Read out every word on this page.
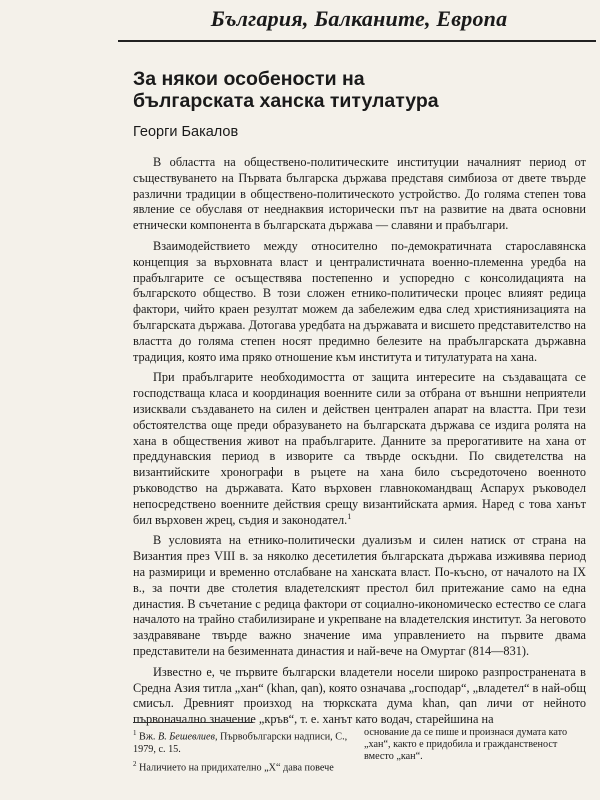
България, Балканите, Европа
За някои особености на
българската ханска титулатура
Георги Бакалов

В областта на обществено-политическите институции началният период от съществуването на Първата българска държава представя симбиоза от двете твърде различни традиции в обществено-политическото устройство. До голяма степен това явление се обуславя от нееднаквия исторически път на развитие на двата основни етнически компонента в българската държава — славяни и прабългари.

Взаимодействието между относително по-демократичната старославянска концепция за върховната власт и централистичната военно-племенна уредба на прабългарите се осъществява постепенно и успоредно с консолидацията на българското общество. В този сложен етнико-политически процес влияят редица фактори, чийто краен резултат можем да забележим едва след християнизацията на българската държава. Дотогава уредбата на държавата и висшето представителство на властта до голяма степен носят предимно белезите на прабългарската държавна традиция, която има пряко отношение към института и титулатурата на хана.

При прабългарите необходимостта от защита интересите на създаващата се господстваща класа и координация военните сили за отбрана от външни неприятели изисквали създаването на силен и действен централен апарат на властта. При тези обстоятелства още преди образуването на българската държава се издига ролята на хана в обществения живот на прабългарите. Данните за прерогативите на хана от преддунавския период в изворите са твърде оскъдни. По свидетелства на византийските хронографи в ръцете на хана било съсредоточено военното ръководство на държавата. Като върховен главнокомандващ Аспарух ръководел непосредствено военните действия срещу византийската армия. Наред с това ханът бил върховен жрец, съдия и законодател.$^1$

В условията на етнико-политически дуализъм и силен натиск от страна на Византия през VIII в. за няколко десетилетия българската държава изживява период на размирици и временно отслабване на ханската власт. По-късно, от началото на IX в., за почти две столетия владетелският престол бил притежание само на една династия. В съчетание с редица фактори от социално-икономическо естество се слага началото на трайно стабилизиране и укрепване на владетелския институт. За неговото заздравяване твърде важно значение има управлението на първите двама представители на безименната династия и най-вече на Омуртаг (814—831).

Известно е, че първите български владетели носели широко разпространената в Средна Азия титла „хан“ (khan, qan), която означава „господар“, „владетел“ в най-общ смисъл. Древният произход на тюркската дума khan, qan личи от нейното първоначално значение „кръв“, т. е. ханът като водач, старейшина на

$^1$ Вж. В. Бешевлиев, Първобългарски надписи, С., 1979, с. 15.

$^2$ Наличието на придихателно „Х“ дава повече

основание да се пише и произнася думата като „хан“, както е придобила и гражданственост вместо „кан“.
